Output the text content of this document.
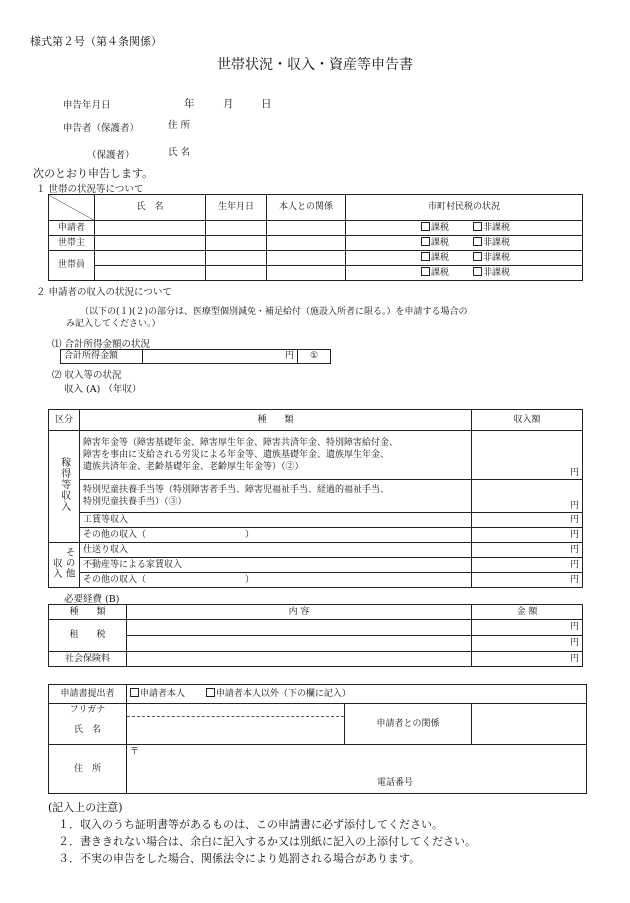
様式第２号（第４条関係）
世帯状況・収入・資産等申告書
申告年月日	年	月	日
申告者（保護者）	住 所
（保護者）	氏 名
次のとおり申告します。
１ 世帯の状況等について
	氏　名	生年月日	本人との関係	市町村民税の状況
申請者				課税 非課税
世帯主				課税 非課税
世帯員				課税 非課税
				課税 非課税
２ 申請者の収入の状況について
（以下の(１)(２)の部分は、医療型個別減免・補足給付（施設入所者に限る。）を申請する場合の
み記入してください。）
⑴ 合計所得金額の状況
合計所得金額	円	①
⑵ 収入等の状況
収入 (A) （年収）
区分	種　　類	収入額
稼得等収入	障害年金等（障害基礎年金、障害厚生年金、障害共済年金、特別障害給付金、
障害を事由に支給される労災による年金等、遺族基礎年金、遺族厚生年金、
遺族共済年金、老齢基礎年金、老齢厚生年金等）（②）	円

	特別児童扶養手当等（特別障害者手当、障害児福祉手当、経過的福祉手当、
特別児童扶養手当）（③）	円
	工賃等収入	円
	その他の収入（　　　　　　　　　　　）	円
収入 その他	仕送り収入	円
	不動産等による家賃収入	円
	その他の収入（　　　　　　　　　　　）	円
必要経費 (B)
種　　類	内 容	金 額
租　　税		円
		円
社会保険料		円
申請書提出者	申請者本人 申請者本人以外（下の欄に記入）		
フリガナ		申請者との関係	
氏　名			
住　所	〒
電話番号		
(記入上の注意)
１．収入のうち証明書等があるものは、この申請書に必ず添付してください。
２．書ききれない場合は、余白に記入するか又は別紙に記入の上添付してください。
３．不実の申告をした場合、関係法令により処罰される場合があります。
